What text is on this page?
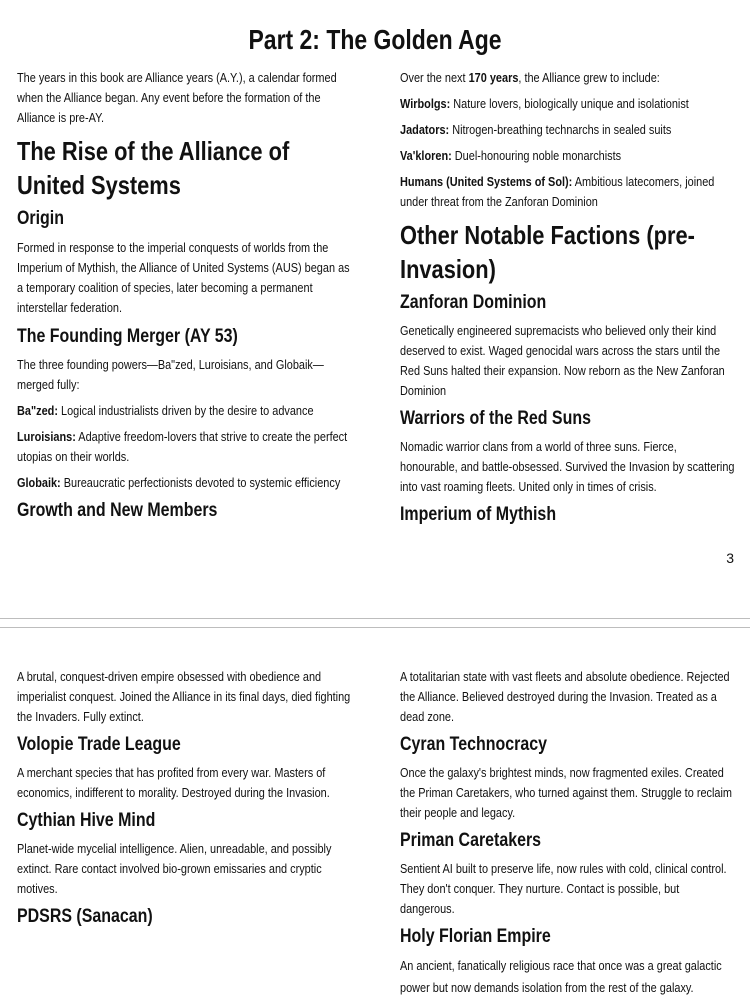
Part 2: The Golden Age

The years in this book are Alliance years (A.Y.), a calendar formed when the Alliance began. Any event before the formation of the Alliance is pre-AY.

The Rise of the Alliance of United Systems
Origin

Formed in response to the imperial conquests of worlds from the Imperium of Mythish, the Alliance of United Systems (AUS) began as a temporary coalition of species, later becoming a permanent interstellar federation.

The Founding Merger (AY 53)

The three founding powers—Ba"zed, Luroisians, and Globaik—merged fully:

Ba"zed: Logical industrialists driven by the desire to advance

Luroisians: Adaptive freedom-lovers that strive to create the perfect utopias on their worlds.

Globaik: Bureaucratic perfectionists devoted to systemic efficiency

Growth and New Members

Over the next 170 years, the Alliance grew to include:

Wirbolgs: Nature lovers, biologically unique and isolationist

Jadators: Nitrogen-breathing technarchs in sealed suits

Va'kloren: Duel-honouring noble monarchists

Humans (United Systems of Sol): Ambitious latecomers, joined under threat from the Zanforan Dominion

Other Notable Factions (pre-Invasion)
Zanforan Dominion

Genetically engineered supremacists who believed only their kind deserved to exist. Waged genocidal wars across the stars until the Red Suns halted their expansion. Now reborn as the New Zanforan Dominion

Warriors of the Red Suns

Nomadic warrior clans from a world of three suns. Fierce, honourable, and battle-obsessed. Survived the Invasion by scattering into vast roaming fleets. United only in times of crisis.

Imperium of Mythish
3

A brutal, conquest-driven empire obsessed with obedience and imperialist conquest. Joined the Alliance in its final days, died fighting the Invaders. Fully extinct.

Volopie Trade League

A merchant species that has profited from every war. Masters of economics, indifferent to morality. Destroyed during the Invasion.

Cythian Hive Mind

Planet-wide mycelial intelligence. Alien, unreadable, and possibly extinct. Rare contact involved bio-grown emissaries and cryptic motives.

PDSRS (Sanacan)

A totalitarian state with vast fleets and absolute obedience. Rejected the Alliance. Believed destroyed during the Invasion. Treated as a dead zone.

Cyran Technocracy

Once the galaxy's brightest minds, now fragmented exiles. Created the Priman Caretakers, who turned against them. Struggle to reclaim their people and legacy.

Priman Caretakers

Sentient AI built to preserve life, now rules with cold, clinical control. They don't conquer. They nurture. Contact is possible, but dangerous.

Holy Florian Empire

An ancient, fanatically religious race that once was a great galactic power but now demands isolation from the rest of the galaxy.
